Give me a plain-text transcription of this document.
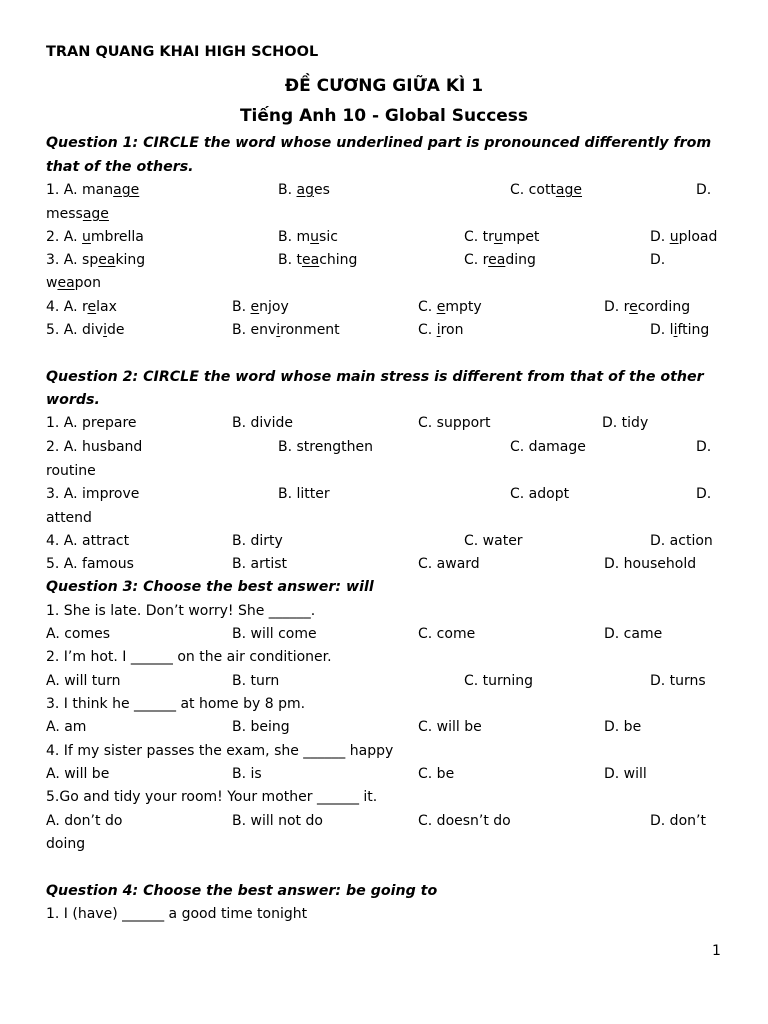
TRAN QUANG KHAI HIGH SCHOOL
ĐỀ CƯƠNG GIỮA KÌ 1
Tiếng Anh 10 - Global Success
Question 1: CIRCLE the word whose underlined part is pronounced differently from
that of the others.
1. A. manage	B. ages	C. cottage	D.
message
2. A. umbrella	B. music	C. trumpet	D. upload
3. A. speaking	B. teaching	C. reading	D.
weapon
4. A. relax	B. enjoy	C. empty	D. recording
5. A. divide	B. environment	C. iron	D. lifting
Question 2: CIRCLE the word whose main stress is different from that of the other
words.
1. A. prepare	B. divide	C. support	D. tidy
2. A. husband	B. strengthen	C. damage	D.
routine
3. A. improve	B. litter	C. adopt	D.
attend
4. A. attract	B. dirty	C. water	D. action
5. A. famous	B. artist	C. award	D. household
Question 3: Choose the best answer: will
1. She is late. Don’t worry! She ______.
A. comes	B. will come	C. come	D. came
2. I’m hot. I ______ on the air conditioner.
A. will turn	B. turn	C. turning	D. turns
3. I think he ______ at home by 8 pm.
A. am	B. being	C. will be	D. be
4. If my sister passes the exam, she ______ happy
A. will be	B. is	C. be	D. will
5.Go and tidy your room! Your mother ______ it.
A. don’t do	B. will not do	C. doesn’t do	D. don’t
doing
Question 4: Choose the best answer: be going to
1. I (have) ______ a good time tonight
1
